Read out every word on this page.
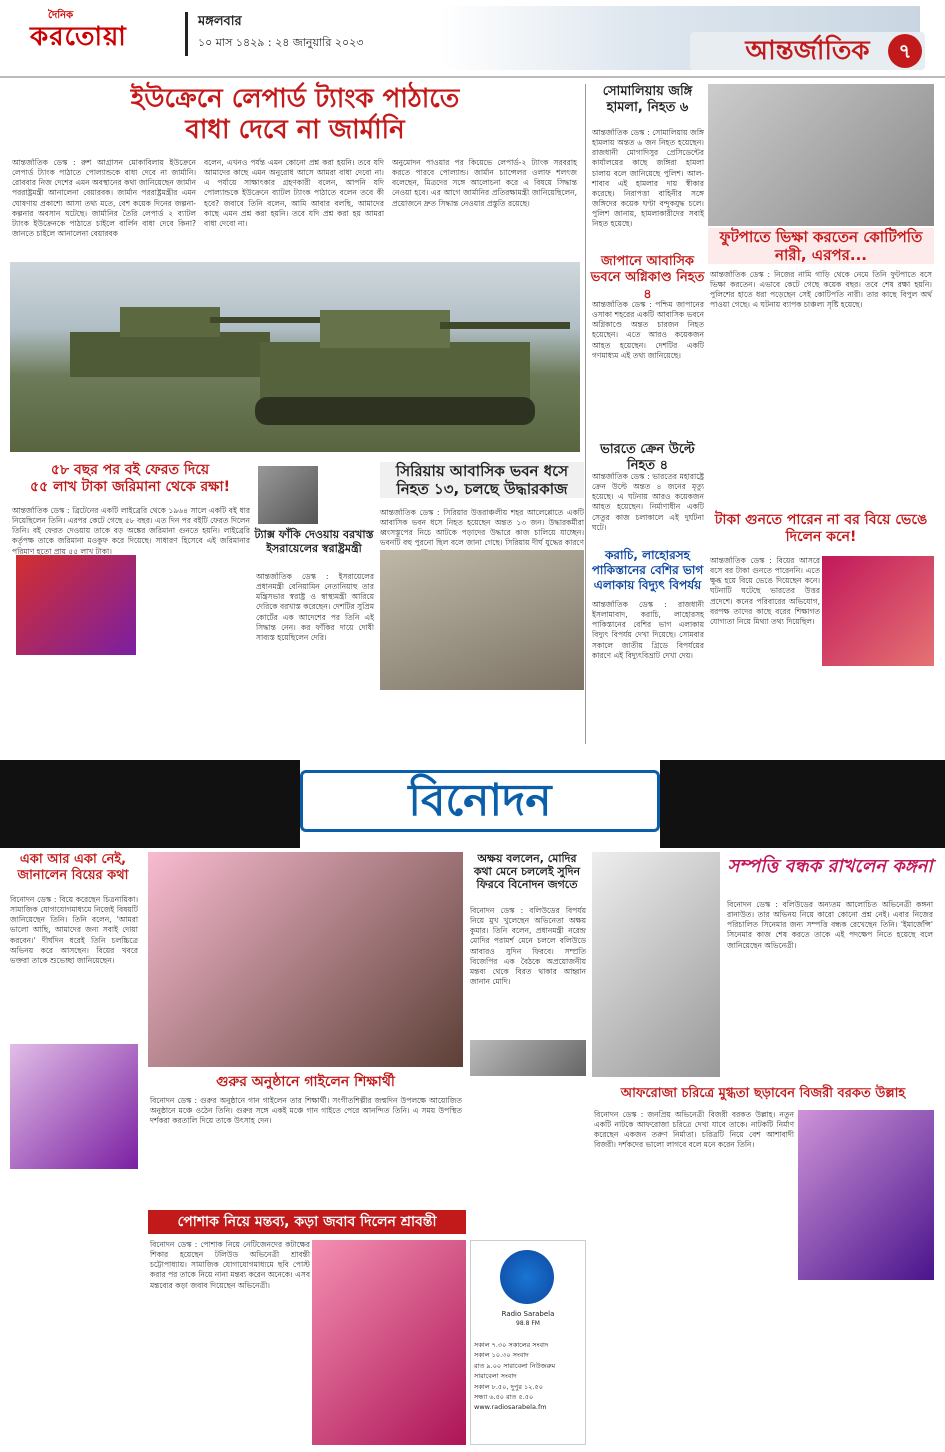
দৈনিক
করতোয়া
মঙ্গলবার
১০ মাস ১৪২৯ : ২৪ জানুয়ারি ২০২৩	আন্তর্জাতিক	৭
ইউক্রেনে লেপার্ড ট্যাংক পাঠাতে
বাধা দেবে না জার্মানি
আন্তর্জাতিক ডেস্ক : রুশ আগ্রাসন মোকাবিলায় ইউক্রেনে লেপার্ড ট্যাংক পাঠাতে পোল্যান্ডকে বাধা দেবে না জার্মানি। রোববার নিজ দেশের এমন অবস্থানের কথা জানিয়েছেন জার্মান পররাষ্ট্রমন্ত্রী আনালেনা বেয়ারবক। জার্মান পররাষ্ট্রমন্ত্রীর এমন ঘোষণায় প্রকাশ্যে আসা তথ্য মতে, বেশ কয়েক দিনের জল্পনা-কল্পনার অবসান ঘটেছে। জার্মানির তৈরি লেপার্ড ২ ব্যাটল ট্যাংক ইউক্রেনকে পাঠাতে চাইলে বার্লিন বাধা দেবে কিনা? জানতে চাইলে আনালেনা বেয়ারবক
বলেন, এখনও পর্যন্ত এমন কোনো প্রশ্ন করা হয়নি। তবে যদি আমাদের কাছে এমন অনুরোধ আসে আমরা বাধা দেবো না। এ পর্যায়ে সাক্ষাৎকার গ্রহণকারী বলেন, আপনি যদি পোল্যান্ডকে ইউক্রেনে ব্যাটল ট্যাংক পাঠাতে বলেন তবে কী হবে? জবাবে তিনি বলেন, আমি আবার বলছি, আমাদের কাছে এমন প্রশ্ন করা হয়নি। তবে যদি প্রশ্ন করা হয় আমরা বাধা দেবো না।
অনুমোদন পাওয়ার পর কিয়েভে লেপার্ড-২ ট্যাংক সরবরাহ করতে পারবে পোল্যান্ড। জার্মান চ্যান্সেলর ওলাফ শলৎজ বলেছেন, মিত্রদের সঙ্গে আলোচনা করে এ বিষয়ে সিদ্ধান্ত নেওয়া হবে। এর আগে জার্মানির প্রতিরক্ষামন্ত্রী জানিয়েছিলেন, প্রয়োজনে দ্রুত সিদ্ধান্ত নেওয়ার প্রস্তুতি রয়েছে।
সোমালিয়ায় জঙ্গি হামলা, নিহত ৬
আন্তর্জাতিক ডেস্ক : সোমালিয়ায় জঙ্গি হামলায় অন্তত ৬ জন নিহত হয়েছেন। রাজধানী মোগাদিসুর প্রেসিডেন্টের কার্যালয়ের কাছে জঙ্গিরা হামলা চালায় বলে জানিয়েছে পুলিশ। আল-শাবাব এই হামলার দায় স্বীকার করেছে। নিরাপত্তা বাহিনীর সঙ্গে জঙ্গিদের কয়েক ঘণ্টা বন্দুকযুদ্ধ চলে। পুলিশ জানায়, হামলাকারীদের সবাই নিহত হয়েছে।
জাপানে আবাসিক ভবনে অগ্নিকাণ্ড নিহত ৪
আন্তর্জাতিক ডেস্ক : পশ্চিম জাপানের ওসাকা শহরের একটি আবাসিক ভবনে অগ্নিকাণ্ডে অন্তত চারজন নিহত হয়েছেন। এতে আরও কয়েকজন আহত হয়েছেন। দেশটির একটি গণমাধ্যম এই তথ্য জানিয়েছে।
ভারতে ক্রেন উল্টে নিহত ৪
আন্তর্জাতিক ডেস্ক : ভারতের মহারাষ্ট্রে ক্রেন উল্টে অন্তত ৪ জনের মৃত্যু হয়েছে। এ ঘটনায় আরও কয়েকজন আহত হয়েছেন। নির্মাণাধীন একটি সেতুর কাজ চলাকালে এই দুর্ঘটনা ঘটে।
করাচি, লাহোরসহ পাকিস্তানের বেশির ভাগ এলাকায় বিদ্যুৎ বিপর্যয়
আন্তর্জাতিক ডেস্ক : রাজধানী ইসলামাবাদ, করাচি, লাহোরসহ পাকিস্তানের বেশির ভাগ এলাকায় বিদ্যুৎ বিপর্যয় দেখা দিয়েছে। সোমবার সকালে জাতীয় গ্রিডে বিপর্যয়ের কারণে এই বিদ্যুৎবিভ্রাট দেখা দেয়।
ফুটপাতে ভিক্ষা করতেন কোটিপতি নারী, এরপর...
আন্তর্জাতিক ডেস্ক : নিজের নামি গাড়ি থেকে নেমে তিনি ফুটপাতে বসে ভিক্ষা করতেন। এভাবে কেটে গেছে কয়েক বছর। তবে শেষ রক্ষা হয়নি। পুলিশের হাতে ধরা পড়েছেন সেই কোটিপতি নারী। তার কাছে বিপুল অর্থ পাওয়া গেছে। এ ঘটনায় ব্যাপক চাঞ্চল্য সৃষ্টি হয়েছে।
টাকা গুনতে পারেন না বর বিয়ে ভেঙে দিলেন কনে!
আন্তর্জাতিক ডেস্ক : বিয়ের আসরে বসে বর টাকা গুনতে পারেননি। এতে ক্ষুব্ধ হয়ে বিয়ে ভেঙে দিয়েছেন কনে। ঘটনাটি ঘটেছে ভারতের উত্তর প্রদেশে। কনের পরিবারের অভিযোগ, বরপক্ষ তাদের কাছে বরের শিক্ষাগত যোগ্যতা নিয়ে মিথ্যা তথ্য দিয়েছিল।
৫৮ বছর পর বই ফেরত দিয়ে
৫৫ লাখ টাকা জরিমানা থেকে রক্ষা!
আন্তর্জাতিক ডেস্ক : ব্রিটেনের একটি লাইব্রেরি থেকে ১৯৬৪ সালে একটি বই ধার নিয়েছিলেন তিনি। এরপর কেটে গেছে ৫৮ বছর। এত দিন পর বইটি ফেরত দিলেন তিনি। বই ফেরত দেওয়ায় তাকে বড় অঙ্কের জরিমানা গুনতে হয়নি। লাইব্রেরি কর্তৃপক্ষ তাকে জরিমানা মওকুফ করে দিয়েছে। সাধারণ হিসেবে এই জরিমানার পরিমাণ হতো প্রায় ৫৫ লাখ টাকা।
ট্যাক্স ফাঁকি দেওয়ায় বরখাস্ত ইসরায়েলের স্বরাষ্ট্রমন্ত্রী
আন্তর্জাতিক ডেস্ক : ইসরায়েলের প্রধানমন্ত্রী বেনিয়ামিন নেতানিয়াহু তার মন্ত্রিসভার স্বরাষ্ট্র ও স্বাস্থ্যমন্ত্রী আরিয়ে দেরিকে বরখাস্ত করেছেন। দেশটির সুপ্রিম কোর্টের এক আদেশের পর তিনি এই সিদ্ধান্ত নেন। কর ফাঁকির দায়ে দোষী সাব্যস্ত হয়েছিলেন দেরি।
সিরিয়ায় আবাসিক ভবন ধসে
নিহত ১৩, চলছে উদ্ধারকাজ
আন্তর্জাতিক ডেস্ক : সিরিয়ার উত্তরাঞ্চলীয় শহর আলেপ্পোতে একটি আবাসিক ভবন ধসে নিহত হয়েছেন অন্তত ১৩ জন। উদ্ধারকর্মীরা ধ্বংসস্তূপের নিচে আটকে পড়াদের উদ্ধারে কাজ চালিয়ে যাচ্ছেন। ভবনটি বহু পুরনো ছিল বলে জানা গেছে। সিরিয়ায় দীর্ঘ যুদ্ধের কারণে
বিনোদন
একা আর একা নেই, জানালেন বিয়ের কথা
বিনোদন ডেস্ক : বিয়ে করেছেন চিত্রনায়িকা। সামাজিক যোগাযোগমাধ্যমে নিজেই বিষয়টি জানিয়েছেন তিনি। তিনি বলেন, 'আমরা ভালো আছি, আমাদের জন্য সবাই দোয়া করবেন।' দীর্ঘদিন ধরেই তিনি চলচ্চিত্রে অভিনয় করে আসছেন। বিয়ের খবরে ভক্তরা তাকে শুভেচ্ছা জানিয়েছেন।
গুরুর অনুষ্ঠানে গাইলেন শিক্ষার্থী
বিনোদন ডেস্ক : গুরুর অনুষ্ঠানে গান গাইলেন তার শিক্ষার্থী। সংগীতশিল্পীর জন্মদিন উপলক্ষে আয়োজিত অনুষ্ঠানে মঞ্চে ওঠেন তিনি। গুরুর সঙ্গে একই মঞ্চে গান গাইতে পেরে আনন্দিত তিনি। এ সময় উপস্থিত দর্শকরা করতালি দিয়ে তাকে উৎসাহ দেন।
অক্ষয় বললেন, মোদির কথা মেনে চললেই সুদিন ফিরবে বিনোদন জগতে
বিনোদন ডেস্ক : বলিউডের বিপর্যয় নিয়ে মুখ খুলেছেন অভিনেতা অক্ষয় কুমার। তিনি বলেন, প্রধানমন্ত্রী নরেন্দ্র মোদির পরামর্শ মেনে চললে বলিউডে আবারও সুদিন ফিরবে। সম্প্রতি বিজেপির এক বৈঠকে অপ্রয়োজনীয় মন্তব্য থেকে বিরত থাকার আহ্বান জানান মোদি।
পোশাক নিয়ে মন্তব্য, কড়া জবাব দিলেন শ্রাবন্তী
বিনোদন ডেস্ক : পোশাক নিয়ে নেটিজেনদের কটাক্ষের শিকার হয়েছেন টলিউড অভিনেত্রী শ্রাবন্তী চট্টোপাধ্যায়। সামাজিক যোগাযোগমাধ্যমে ছবি পোস্ট করার পর তাকে নিয়ে নানা মন্তব্য করেন অনেকে। এসব মন্তব্যের কড়া জবাব দিয়েছেন অভিনেত্রী।
সম্পত্তি বন্ধক রাখলেন কঙ্গনা
বিনোদন ডেস্ক : বলিউডের অন্যতম আলোচিত অভিনেত্রী কঙ্গনা রানাউত। তার অভিনয় নিয়ে কারো কোনো প্রশ্ন নেই। এবার নিজের পরিচালিত সিনেমার জন্য সম্পত্তি বন্ধক রেখেছেন তিনি। 'ইমার্জেন্সি' সিনেমার কাজ শেষ করতে তাকে এই পদক্ষেপ নিতে হয়েছে বলে জানিয়েছেন অভিনেত্রী।
আফরোজা চরিত্রে মুগ্ধতা ছড়াবেন বিজরী বরকত উল্লাহ
বিনোদন ডেস্ক : জনপ্রিয় অভিনেত্রী বিজরী বরকত উল্লাহ। নতুন একটি নাটকে আফরোজা চরিত্রে দেখা যাবে তাকে। নাটকটি নির্মাণ করেছেন একজন তরুণ নির্মাতা। চরিত্রটি নিয়ে বেশ আশাবাদী বিজরী। দর্শকদের ভালো লাগবে বলে মনে করেন তিনি।
Radio Sarabela
98.8 FM
সকাল ৭.৩০ সকালের সংবাদ
সকাল ১০.৩০ সংবাদ
রাত ৯.০০ সারাবেলা নিউজরুম
সারাবেলা সংবাদ
সকাল ৮.৫০, দুপুর ১২.৫০
সন্ধ্যা ৬.৫০ রাত ৫.৫০
www.radiosarabela.fm
